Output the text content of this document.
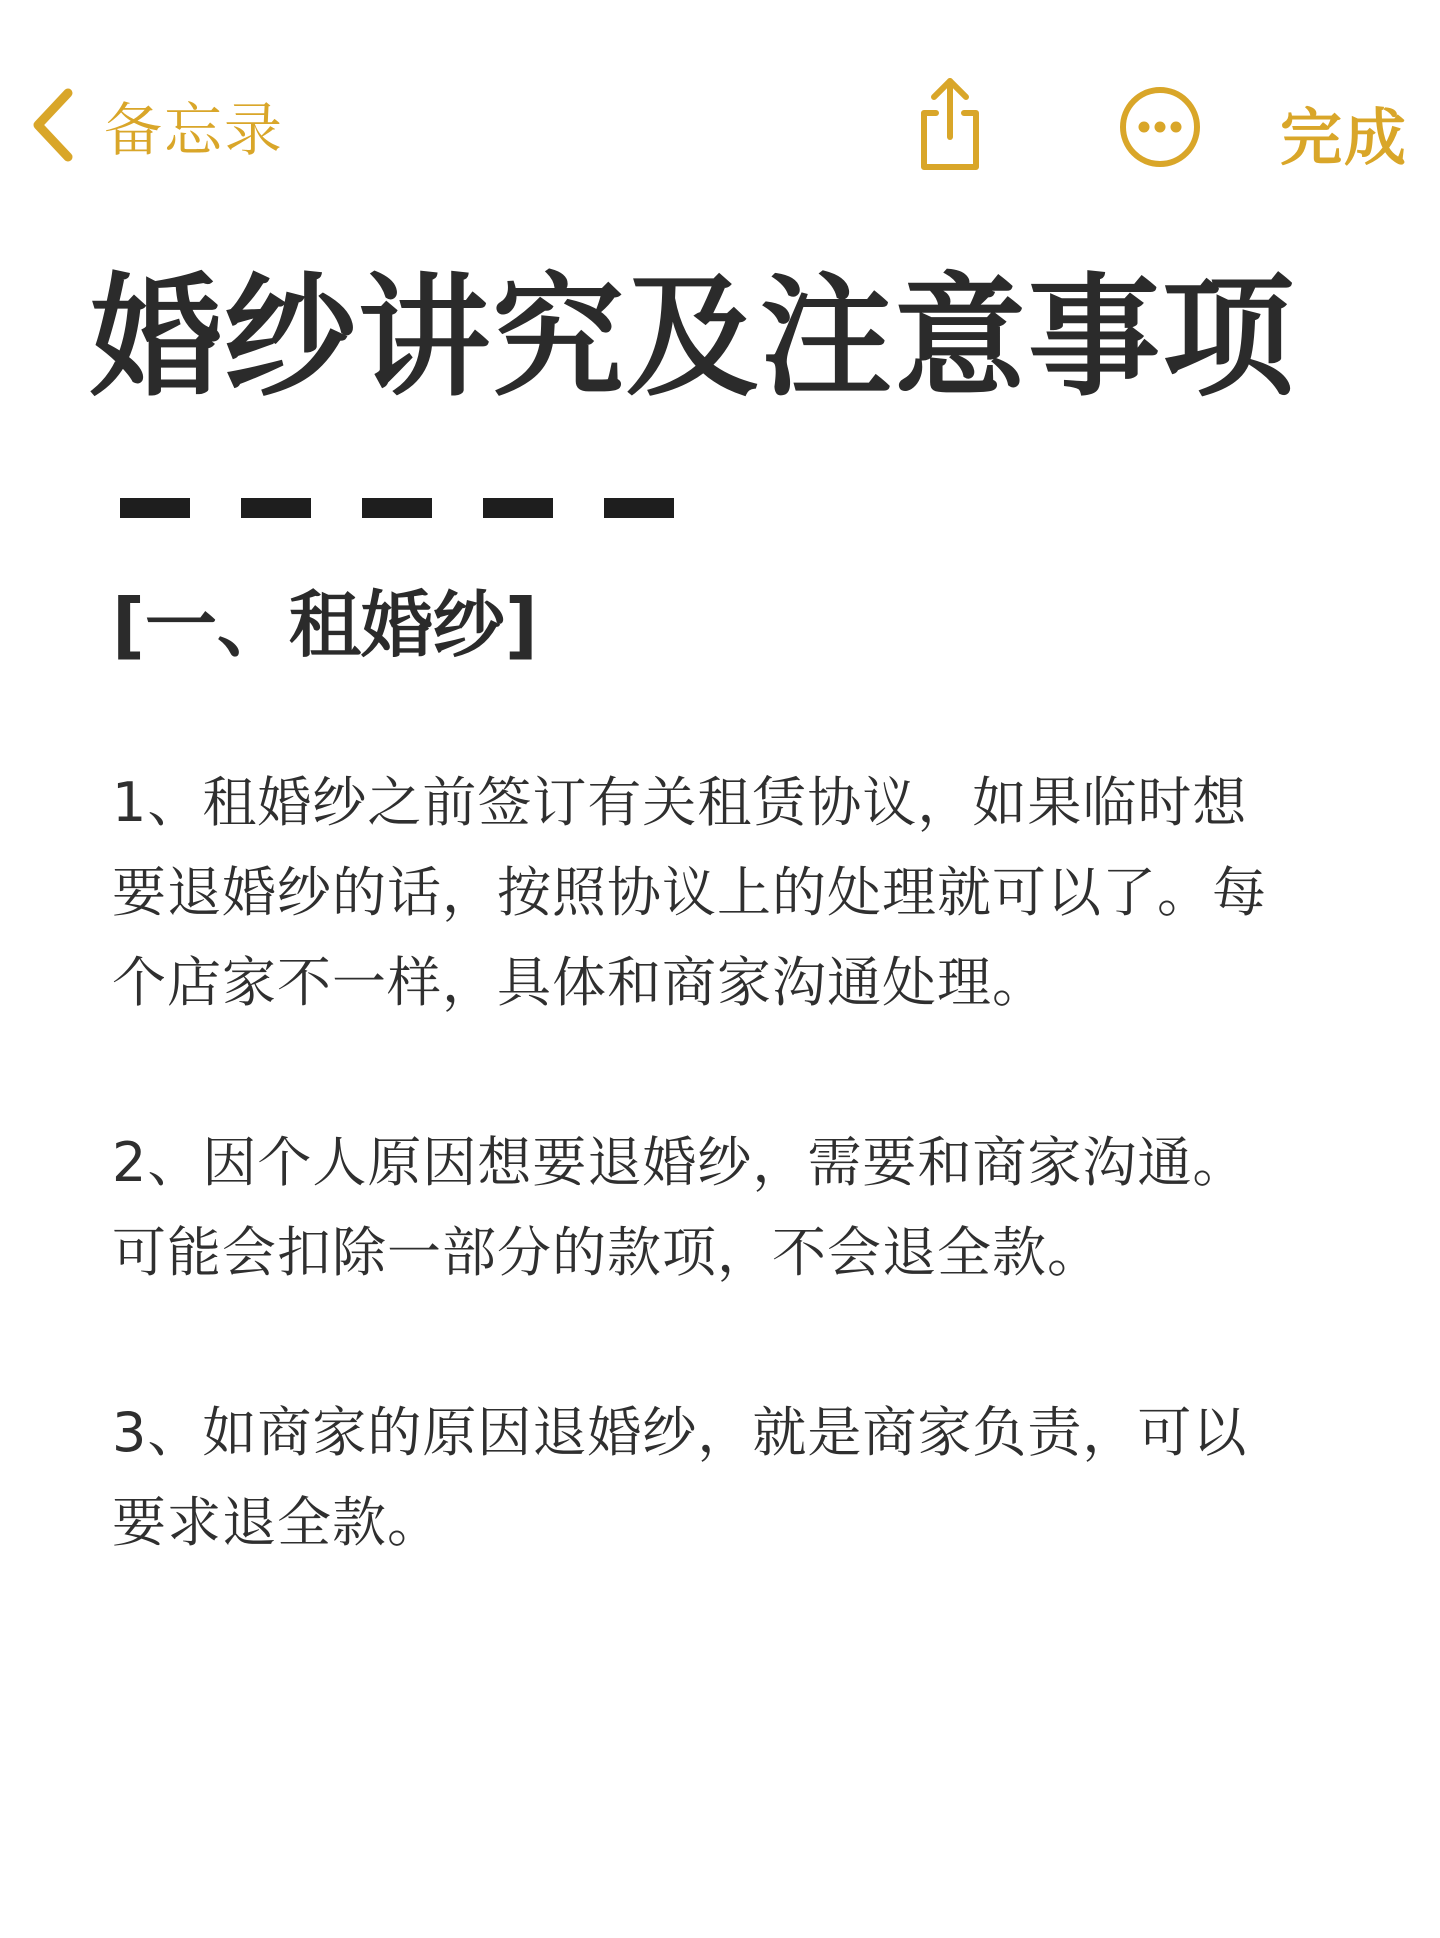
备忘录	完成
婚纱讲究及注意事项
[一、租婚纱]
1、租婚纱之前签订有关租赁协议，如果临时想
要退婚纱的话，按照协议上的处理就可以了。每
个店家不一样，具体和商家沟通处理。
2、因个人原因想要退婚纱，需要和商家沟通。
可能会扣除一部分的款项，不会退全款。
3、如商家的原因退婚纱，就是商家负责，可以
要求退全款。
